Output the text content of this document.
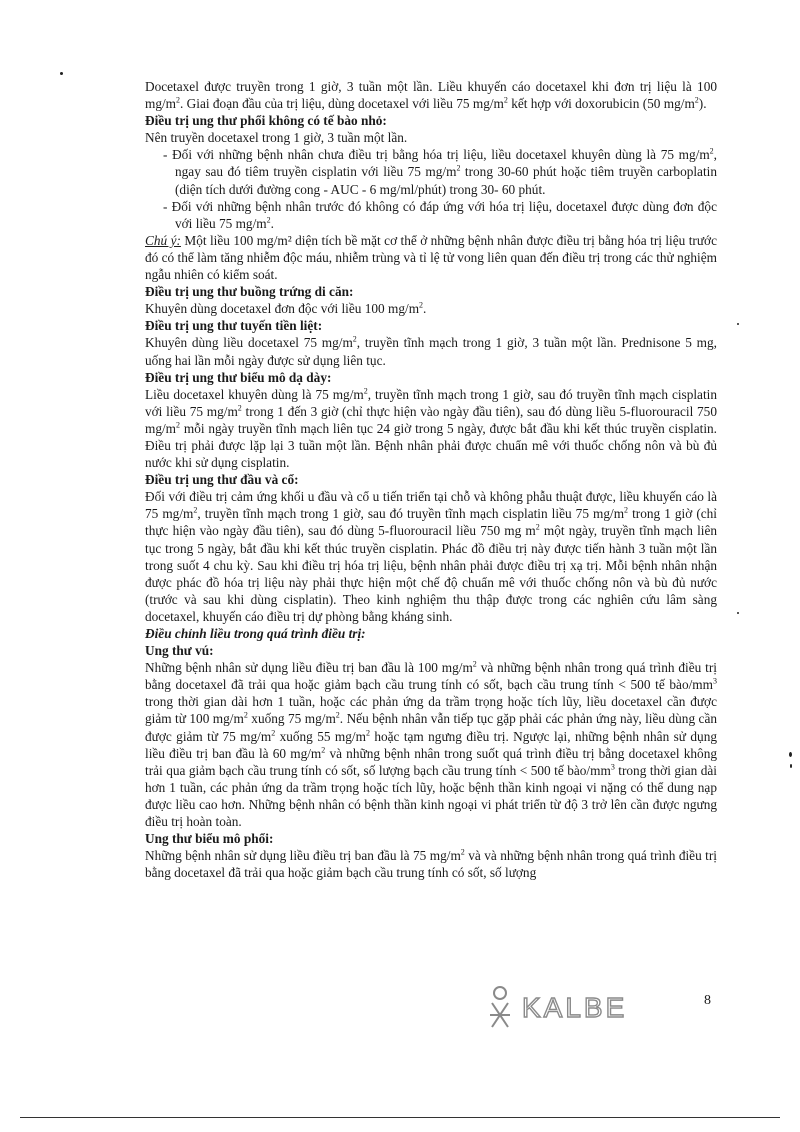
Docetaxel được truyền trong 1 giờ, 3 tuần một lần. Liều khuyến cáo docetaxel khi đơn trị liệu là 100 $mg/m^2$. Giai đoạn đầu của trị liệu, dùng docetaxel với liều 75 $mg/m^2$ kết hợp với doxorubicin (50 $mg/m^2$).

Điều trị ung thư phổi không có tế bào nhỏ:

Nên truyền docetaxel trong 1 giờ, 3 tuần một lần.

- Đối với những bệnh nhân chưa điều trị bằng hóa trị liệu, liều docetaxel khuyên dùng là 75 $mg/m^2$, ngay sau đó tiêm truyền cisplatin với liều 75 $mg/m^2$ trong 30-60 phút hoặc tiêm truyền carboplatin (diện tích dưới đường cong - AUC - 6 mg/ml/phút) trong 30- 60 phút.

- Đối với những bệnh nhân trước đó không có đáp ứng với hóa trị liệu, docetaxel được dùng đơn độc với liều 75 $mg/m^2$.

Chú ý: Một liều 100 mg/m² diện tích bề mặt cơ thể ở những bệnh nhân được điều trị bằng hóa trị liệu trước đó có thể làm tăng nhiễm độc máu, nhiễm trùng và tỉ lệ tử vong liên quan đến điều trị trong các thử nghiệm ngẫu nhiên có kiểm soát.

Điều trị ung thư buồng trứng di căn:

Khuyên dùng docetaxel đơn độc với liều 100 $mg/m^2$.

Điều trị ung thư tuyến tiền liệt:

Khuyên dùng liều docetaxel 75 $mg/m^2$, truyền tĩnh mạch trong 1 giờ, 3 tuần một lần. Prednisone 5 mg, uống hai lần mỗi ngày được sử dụng liên tục.

Điều trị ung thư biểu mô dạ dày:

Liều docetaxel khuyên dùng là 75 $mg/m^2$, truyền tĩnh mạch trong 1 giờ, sau đó truyền tĩnh mạch cisplatin với liều 75 $mg/m^2$ trong 1 đến 3 giờ (chỉ thực hiện vào ngày đầu tiên), sau đó dùng liều 5-fluorouracil 750 $mg/m^2$ mỗi ngày truyền tĩnh mạch liên tục 24 giờ trong 5 ngày, được bắt đầu khi kết thúc truyền cisplatin. Điều trị phải được lặp lại 3 tuần một lần. Bệnh nhân phải được chuẩn mê với thuốc chống nôn và bù đủ nước khi sử dụng cisplatin.

Điều trị ung thư đầu và cổ:

Đối với điều trị cảm ứng khối u đầu và cổ u tiến triển tại chỗ và không phẫu thuật được, liều khuyến cáo là 75 $mg/m^2$, truyền tĩnh mạch trong 1 giờ, sau đó truyền tĩnh mạch cisplatin liều 75 $mg/m^2$ trong 1 giờ (chỉ thực hiện vào ngày đầu tiên), sau đó dùng 5-fluorouracil liều 750 mg $m^2$ một ngày, truyền tĩnh mạch liên tục trong 5 ngày, bắt đầu khi kết thúc truyền cisplatin. Phác đồ điều trị này được tiến hành 3 tuần một lần trong suốt 4 chu kỳ. Sau khi điều trị hóa trị liệu, bệnh nhân phải được điều trị xạ trị. Mỗi bệnh nhân nhận được phác đồ hóa trị liệu này phải thực hiện một chế độ chuẩn mê với thuốc chống nôn và bù đủ nước (trước và sau khi dùng cisplatin). Theo kinh nghiệm thu thập được trong các nghiên cứu lâm sàng docetaxel, khuyến cáo điều trị dự phòng bằng kháng sinh.

Điều chỉnh liều trong quá trình điều trị:

Ung thư vú:

Những bệnh nhân sử dụng liều điều trị ban đầu là 100 $mg/m^2$ và những bệnh nhân trong quá trình điều trị bằng docetaxel đã trải qua hoặc giảm bạch cầu trung tính có sốt, bạch cầu trung tính < 500 tế bào/$mm^3$ trong thời gian dài hơn 1 tuần, hoặc các phản ứng da trầm trọng hoặc tích lũy, liều docetaxel cần được giảm từ 100 $mg/m^2$ xuống 75 $mg/m^2$. Nếu bệnh nhân vẫn tiếp tục gặp phải các phản ứng này, liều dùng cần được giảm từ 75 $mg/m^2$ xuống 55 $mg/m^2$ hoặc tạm ngưng điều trị. Ngược lại, những bệnh nhân sử dụng liều điều trị ban đầu là 60 $mg/m^2$ và những bệnh nhân trong suốt quá trình điều trị bằng docetaxel không trải qua giảm bạch cầu trung tính có sốt, số lượng bạch cầu trung tính < 500 tế bào/$mm^3$ trong thời gian dài hơn 1 tuần, các phản ứng da trầm trọng hoặc tích lũy, hoặc bệnh thần kinh ngoại vi nặng có thể dung nạp được liều cao hơn. Những bệnh nhân có bệnh thần kinh ngoại vi phát triển từ độ 3 trở lên cần được ngưng điều trị hoàn toàn.

Ung thư biểu mô phổi:

Những bệnh nhân sử dụng liều điều trị ban đầu là 75 $mg/m^2$ và và những bệnh nhân trong quá trình điều trị bằng docetaxel đã trải qua hoặc giảm bạch cầu trung tính có sốt, số lượng

KALBE	8
